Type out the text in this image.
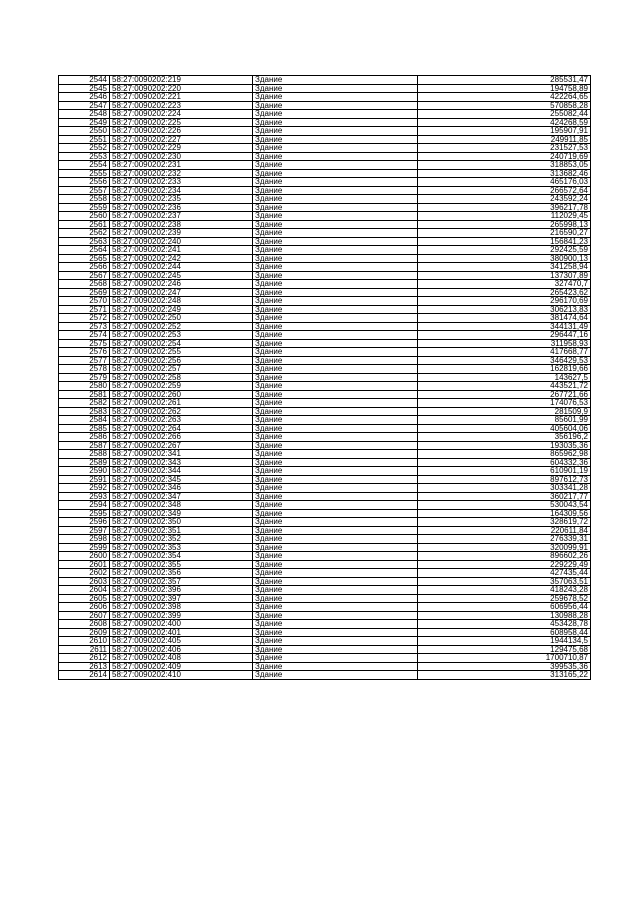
2544	58:27:0090202:219	Здание	285531,47
2545	58:27:0090202:220	Здание	194758,89
2546	58:27:0090202:221	Здание	422264,65
2547	58:27:0090202:223	Здание	570858,28
2548	58:27:0090202:224	Здание	255082,44
2549	58:27:0090202:225	Здание	424268,59
2550	58:27:0090202:226	Здание	195907,91
2551	58:27:0090202:227	Здание	249911,85
2552	58:27:0090202:229	Здание	231527,53
2553	58:27:0090202:230	Здание	240719,69
2554	58:27:0090202:231	Здание	318853,05
2555	58:27:0090202:232	Здание	313682,46
2556	58:27:0090202:233	Здание	465176,03
2557	58:27:0090202:234	Здание	266572,64
2558	58:27:0090202:235	Здание	243592,24
2559	58:27:0090202:236	Здание	396217,78
2560	58:27:0090202:237	Здание	112029,45
2561	58:27:0090202:238	Здание	265998,13
2562	58:27:0090202:239	Здание	216590,27
2563	58:27:0090202:240	Здание	156841,23
2564	58:27:0090202:241	Здание	292425,59
2565	58:27:0090202:242	Здание	380900,13
2566	58:27:0090202:244	Здание	341258,94
2567	58:27:0090202:245	Здание	137307,89
2568	58:27:0090202:246	Здание	327470,7
2569	58:27:0090202:247	Здание	265423,62
2570	58:27:0090202:248	Здание	296170,69
2571	58:27:0090202:249	Здание	306213,83
2572	58:27:0090202:250	Здание	381474,64
2573	58:27:0090202:252	Здание	344131,49
2574	58:27:0090202:253	Здание	296447,16
2575	58:27:0090202:254	Здание	311958,93
2576	58:27:0090202:255	Здание	417668,77
2577	58:27:0090202:256	Здание	346429,53
2578	58:27:0090202:257	Здание	162819,66
2579	58:27:0090202:258	Здание	143627,5
2580	58:27:0090202:259	Здание	443521,72
2581	58:27:0090202:260	Здание	267721,66
2582	58:27:0090202:261	Здание	174076,53
2583	58:27:0090202:262	Здание	281509,9
2584	58:27:0090202:263	Здание	85601,99
2585	58:27:0090202:264	Здание	405604,06
2586	58:27:0090202:266	Здание	356196,2
2587	58:27:0090202:267	Здание	193035,36
2588	58:27:0090202:341	Здание	865962,98
2589	58:27:0090202:343	Здание	604332,36
2590	58:27:0090202:344	Здание	610901,19
2591	58:27:0090202:345	Здание	897612,73
2592	58:27:0090202:346	Здание	303341,28
2593	58:27:0090202:347	Здание	360217,77
2594	58:27:0090202:348	Здание	530043,54
2595	58:27:0090202:349	Здание	164309,56
2596	58:27:0090202:350	Здание	328619,72
2597	58:27:0090202:351	Здание	220611,84
2598	58:27:0090202:352	Здание	276339,31
2599	58:27:0090202:353	Здание	320099,91
2600	58:27:0090202:354	Здание	896602,26
2601	58:27:0090202:355	Здание	229229,49
2602	58:27:0090202:356	Здание	427435,44
2603	58:27:0090202:357	Здание	357063,51
2604	58:27:0090202:396	Здание	418243,28
2605	58:27:0090202:397	Здание	259678,52
2606	58:27:0090202:398	Здание	606956,44
2607	58:27:0090202:399	Здание	130988,28
2608	58:27:0090202:400	Здание	453428,78
2609	58:27:0090202:401	Здание	608958,44
2610	58:27:0090202:405	Здание	1944134,5
2611	58:27:0090202:406	Здание	129475,68
2612	58:27:0090202:408	Здание	1700710,87
2613	58:27:0090202:409	Здание	399535,36
2614	58:27:0090202:410	Здание	313165,22
